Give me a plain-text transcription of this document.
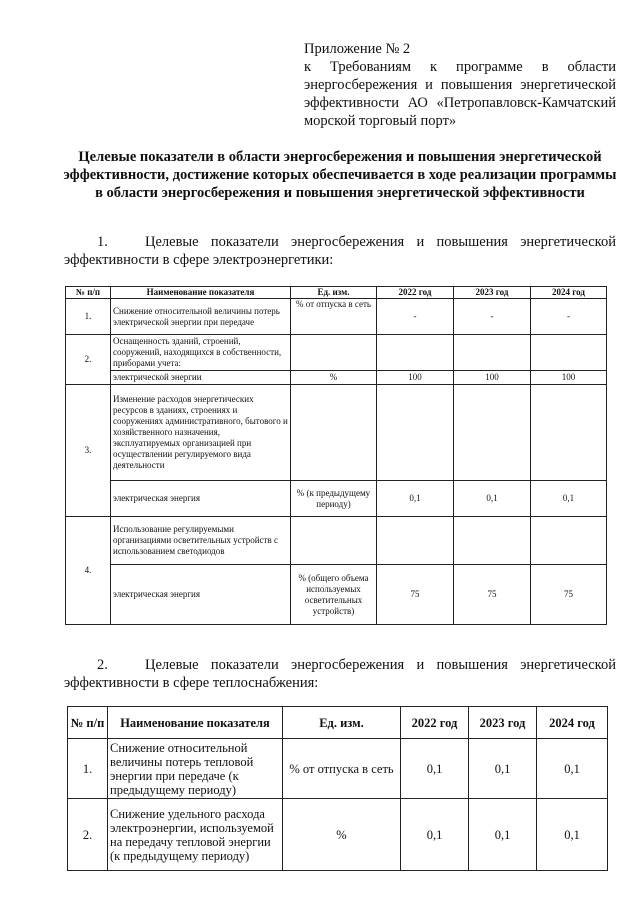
Приложение № 2
к Требованиям к программе в области энергосбережения и повышения энергетической эффективности АО «Петропавловск-Камчатский морской торговый порт»
Целевые показатели в области энергосбережения и повышения энергетической эффективности, достижение которых обеспечивается в ходе реализации программы в области энергосбережения и повышения энергетической эффективности
1.	Целевые показатели энергосбережения и повышения энергетической эффективности в сфере электроэнергетики:
№ п/п	Наименование показателя	Ед. изм.	2022 год	2023 год	2024 год
1.	Снижение относительной величины потерь электрической энергии при передаче	% от отпуска в сеть	-	-	-
2.	Оснащенность зданий, строений, сооружений, находящихся в собственности, приборами учета:				
	электрической энергии	%	100	100	100
3.	Изменение расходов энергетических ресурсов в зданиях, строениях и сооружениях административного, бытового и хозяйственного назначения, эксплуатируемых организацией при осуществлении регулируемого вида деятельности				
	электрическая энергия	% (к предыдущему периоду)	0,1	0,1	0,1
4.	Использование регулируемыми организациями осветительных устройств с использованием светодиодов				
	электрическая энергия	% (общего объема используемых осветительных устройств)	75	75	75
2.	Целевые показатели энергосбережения и повышения энергетической эффективности в сфере теплоснабжения:
№ п/п	Наименование показателя	Ед. изм.	2022 год	2023 год	2024 год
1.	Снижение относительной величины потерь тепловой энергии при передаче (к предыдущему периоду)	% от отпуска в сеть	0,1	0,1	0,1
2.	Снижение удельного расхода электроэнергии, используемой на передачу тепловой энергии (к предыдущему периоду)	%	0,1	0,1	0,1
